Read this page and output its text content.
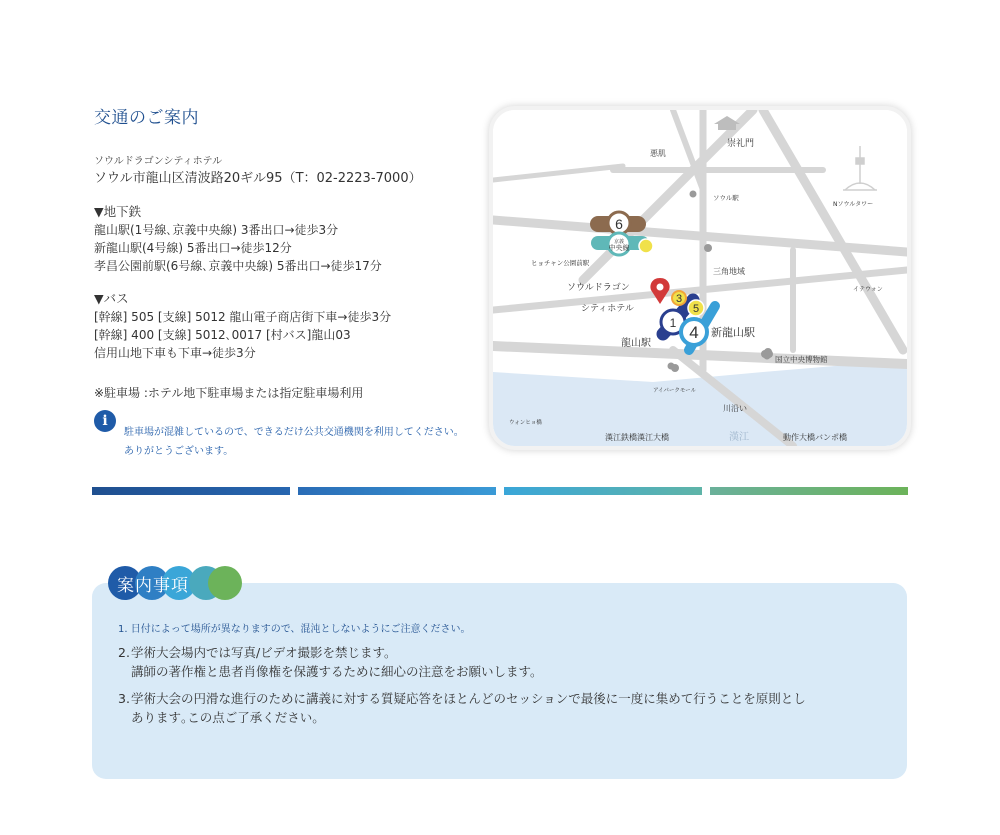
交通のご案内
ソウルドラゴンシティホテル
ソウル市龍山区清波路20ギル95（T：02-2223-7000）
▼地下鉄
龍山駅(1号線､京義中央線) 3番出口→徒歩3分
新龍山駅(4号線) 5番出口→徒歩12分
孝昌公園前駅(6号線､京義中央線) 5番出口→徒歩17分
▼バス
[幹線] 505 [支線] 5012 龍山電子商店街下車→徒歩3分
[幹線] 400 [支線] 5012､0017 [村バス]龍山03
信用山地下車も下車→徒歩3分
※駐車場 :ホテル地下駐車場または指定駐車場利用
i
駐車場が混雑しているので、できるだけ公共交通機関を利用してください。
ありがとうございます。
6
京義
中央線
3
5
1 4
崇礼門
悪肌
ソウル駅
Nソウルタワー
ヒョチャン公園前駅
三角地域
イテウォン
ソウルドラゴン
シティホテル
新龍山駅
龍山駅
国立中央博物館
アイパークモール
川沿い
ウォンヒョ橋
漢江鉄橋漢江大橋	漢江	動作大橋バンポ橋
案内事項
1. 日付によって場所が異なりますので、混沌としないようにご注意ください。
2. 学術大会場内では写真/ビデオ撮影を禁じます。
講師の著作権と患者肖像権を保護するために細心の注意をお願いします。
3. 学術大会の円滑な進行のために講義に対する質疑応答をほとんどのセッションで最後に一度に集めて行うことを原則とし
あります｡この点ご了承ください。
